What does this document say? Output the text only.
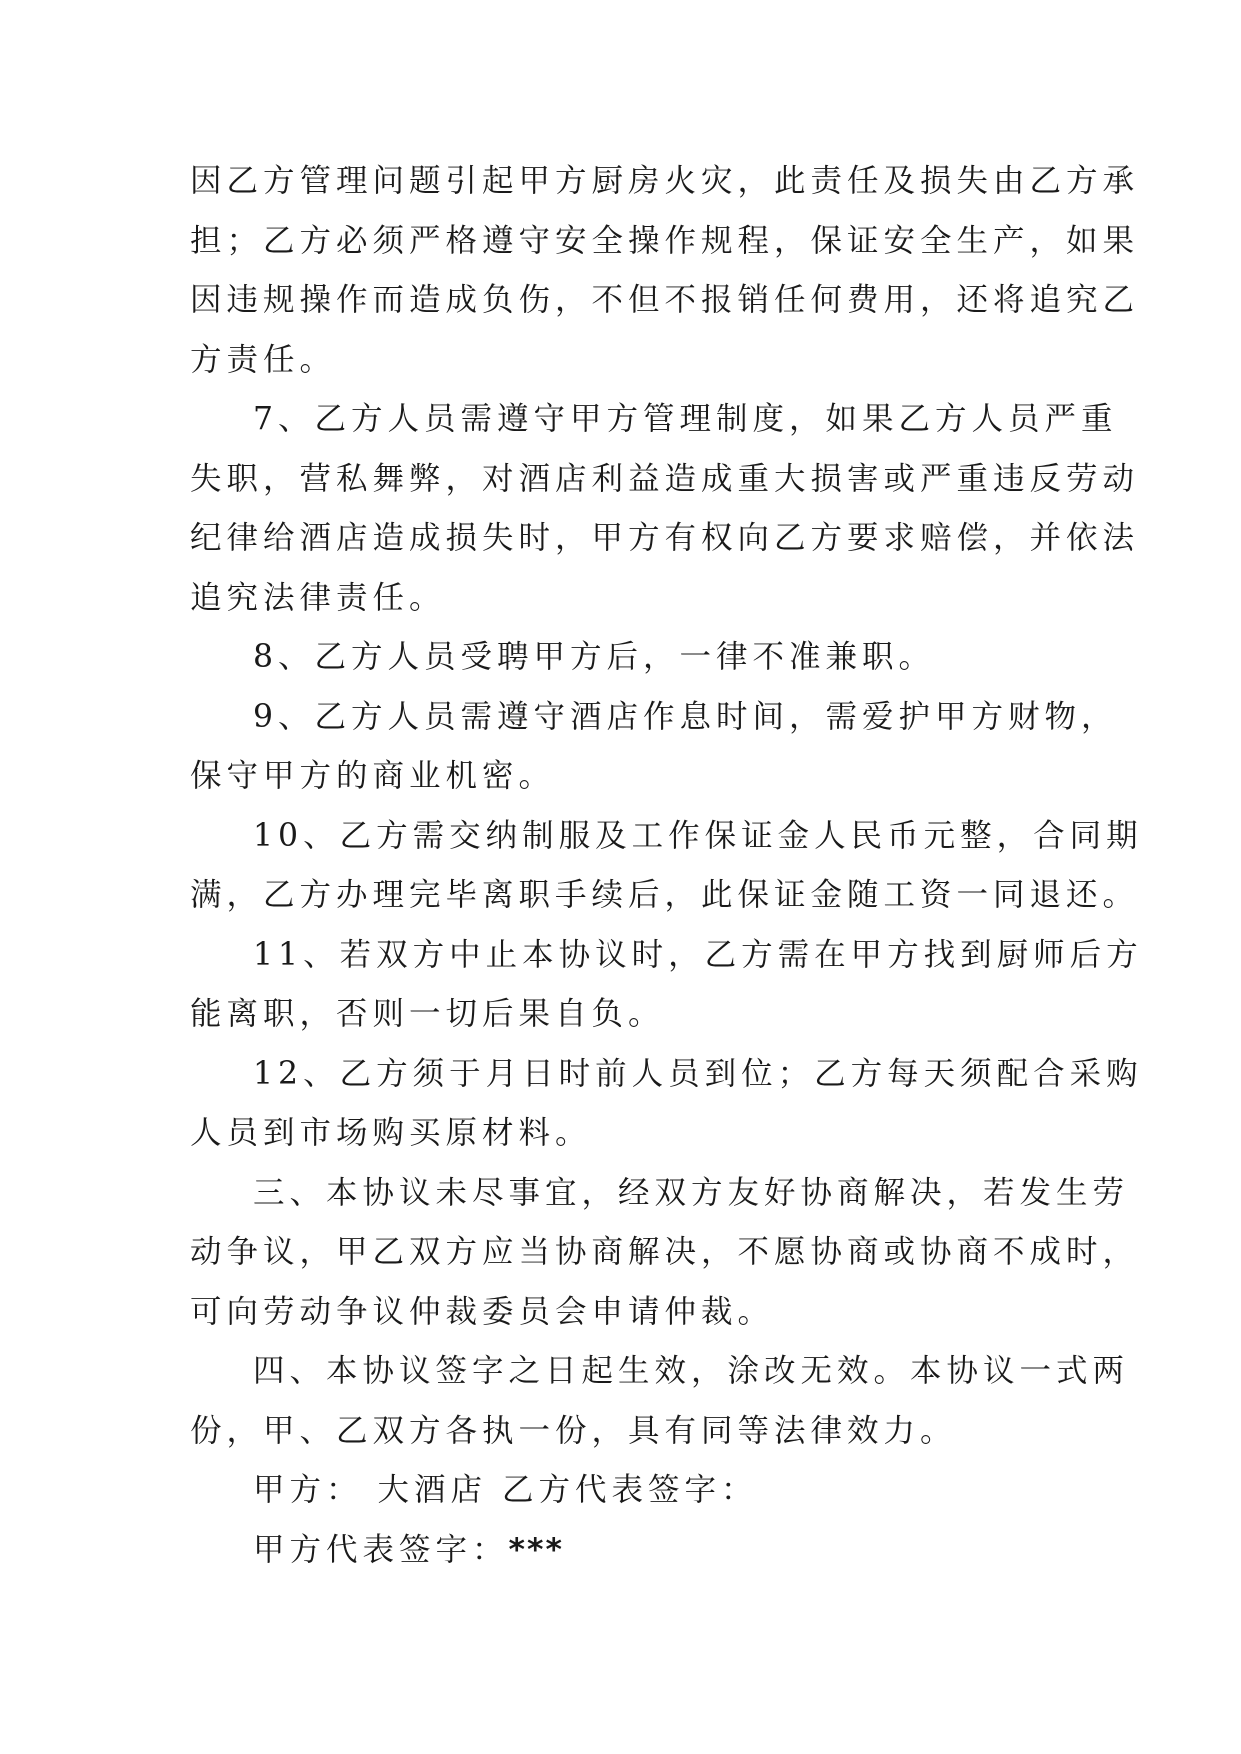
因乙方管理问题引起甲方厨房火灾，此责任及损失由乙方承
担；乙方必须严格遵守安全操作规程，保证安全生产，如果
因违规操作而造成负伤，不但不报销任何费用，还将追究乙
方责任。
7、乙方人员需遵守甲方管理制度，如果乙方人员严重
失职，营私舞弊，对酒店利益造成重大损害或严重违反劳动
纪律给酒店造成损失时，甲方有权向乙方要求赔偿，并依法
追究法律责任。
8、乙方人员受聘甲方后，一律不准兼职。
9、乙方人员需遵守酒店作息时间，需爱护甲方财物，
保守甲方的商业机密。
10、乙方需交纳制服及工作保证金人民币元整，合同期
满，乙方办理完毕离职手续后，此保证金随工资一同退还。
11、若双方中止本协议时，乙方需在甲方找到厨师后方
能离职，否则一切后果自负。
12、乙方须于月日时前人员到位；乙方每天须配合采购
人员到市场购买原材料。
三、本协议未尽事宜，经双方友好协商解决，若发生劳
动争议，甲乙双方应当协商解决，不愿协商或协商不成时，
可向劳动争议仲裁委员会申请仲裁。
四、本协议签字之日起生效，涂改无效。本协议一式两
份，甲、乙双方各执一份，具有同等法律效力。
甲方： 大酒店 乙方代表签字：
甲方代表签字：***
